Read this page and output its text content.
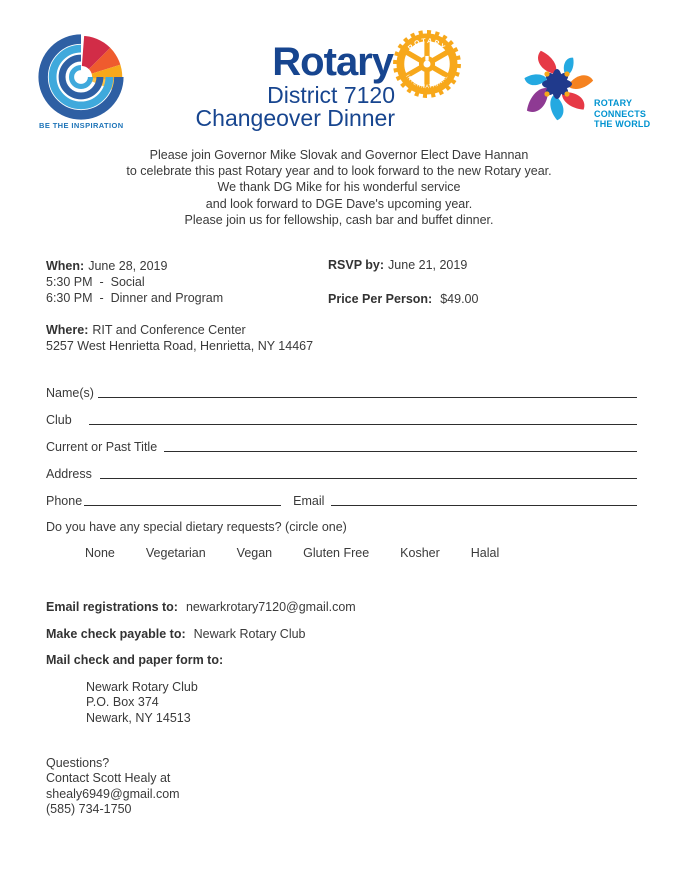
BE THE INSPIRATION
Rotary ROTARY
INTERNATIONAL
District 7120
Changeover Dinner
ROTARY
CONNECTS
THE WORLD
Please join Governor Mike Slovak and Governor Elect Dave Hannan
to celebrate this past Rotary year and to look forward to the new Rotary year.
We thank DG Mike for his wonderful service
and look forward to DGE Dave's upcoming year.
Please join us for fellowship, cash bar and buffet dinner.
When: June 28, 2019
5:30 PM  -  Social
6:30 PM  -  Dinner and Program
RSVP by: June 21, 2019
Price Per Person: $49.00
Where: RIT and Conference Center
5257 West Henrietta Road, Henrietta, NY 14467
Name(s)
Club
Current or Past Title
Address
Phone	Email
Do you have any special dietary requests? (circle one)
None Vegetarian Vegan Gluten Free Kosher Halal
Email registrations to: newarkrotary7120@gmail.com
Make check payable to: Newark Rotary Club
Mail check and paper form to:
Newark Rotary Club
P.O. Box 374
Newark, NY 14513
Questions?
Contact Scott Healy at
shealy6949@gmail.com
(585) 734-1750
